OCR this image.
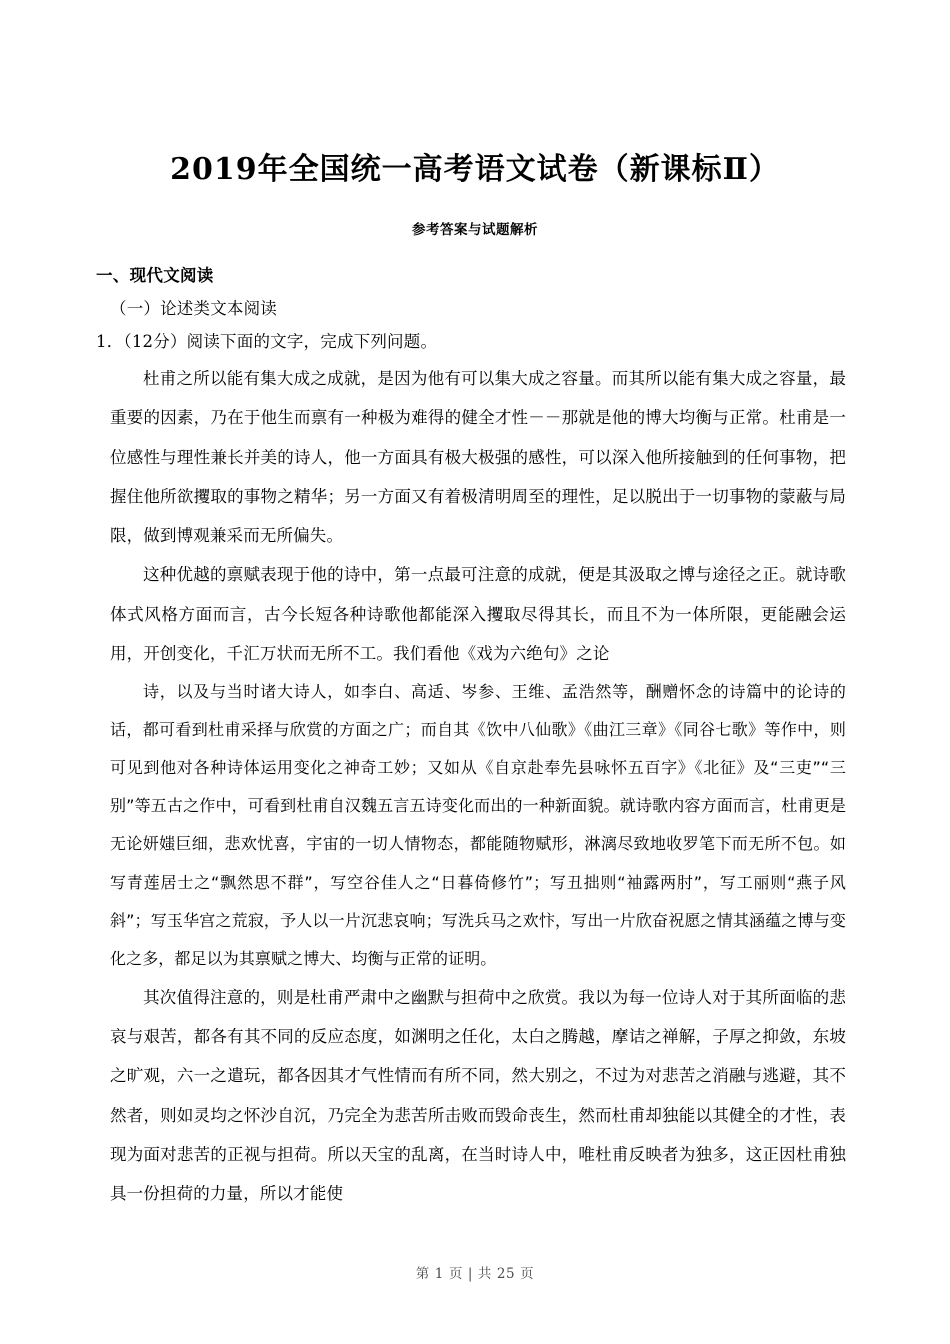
2019年全国统一高考语文试卷（新课标Ⅱ）
参考答案与试题解析
一、现代文阅读
（一）论述类文本阅读
1．（12分）阅读下面的文字，完成下列问题。

杜甫之所以能有集大成之成就，是因为他有可以集大成之容量。而其所以能有集大成之容量，最重要的因素，乃在于他生而禀有一种极为难得的健全才性－－那就是他的博大均衡与正常。杜甫是一位感性与理性兼长并美的诗人，他一方面具有极大极强的感性，可以深入他所接触到的任何事物，把握住他所欲攫取的事物之精华；另一方面又有着极清明周至的理性，足以脱出于一切事物的蒙蔽与局限，做到博观兼采而无所偏失。

这种优越的禀赋表现于他的诗中，第一点最可注意的成就，便是其汲取之博与途径之正。就诗歌体式风格方面而言，古今长短各种诗歌他都能深入攫取尽得其长，而且不为一体所限，更能融会运用，开创变化，千汇万状而无所不工。我们看他《戏为六绝句》之论

诗，以及与当时诸大诗人，如李白、高适、岑参、王维、孟浩然等，酬赠怀念的诗篇中的论诗的话，都可看到杜甫采择与欣赏的方面之广；而自其《饮中八仙歌》《曲江三章》《同谷七歌》等作中，则可见到他对各种诗体运用变化之神奇工妙；又如从《自京赴奉先县咏怀五百字》《北征》及“三吏”“三别”等五古之作中，可看到杜甫自汉魏五言五诗变化而出的一种新面貌。就诗歌内容方面而言，杜甫更是无论妍媸巨细，悲欢忧喜，宇宙的一切人情物态，都能随物赋形，淋漓尽致地收罗笔下而无所不包。如写青莲居士之“飘然思不群”，写空谷佳人之“日暮倚修竹”；写丑拙则“袖露两肘”，写工丽则“燕子风斜”；写玉华宫之荒寂，予人以一片沉悲哀响；写洗兵马之欢忭，写出一片欣奋祝愿之情其涵蕴之博与变化之多，都足以为其禀赋之博大、均衡与正常的证明。

其次值得注意的，则是杜甫严肃中之幽默与担荷中之欣赏。我以为每一位诗人对于其所面临的悲哀与艰苦，都各有其不同的反应态度，如渊明之任化，太白之腾越，摩诘之禅解，子厚之抑敛，东坡之旷观，六一之遣玩，都各因其才气性情而有所不同，然大别之，不过为对悲苦之消融与逃避，其不然者，则如灵均之怀沙自沉，乃完全为悲苦所击败而毁命丧生，然而杜甫却独能以其健全的才性，表现为面对悲苦的正视与担荷。所以天宝的乱离，在当时诗人中，唯杜甫反映者为独多，这正因杜甫独具一份担荷的力量，所以才能使

第 1 页 | 共 25 页
